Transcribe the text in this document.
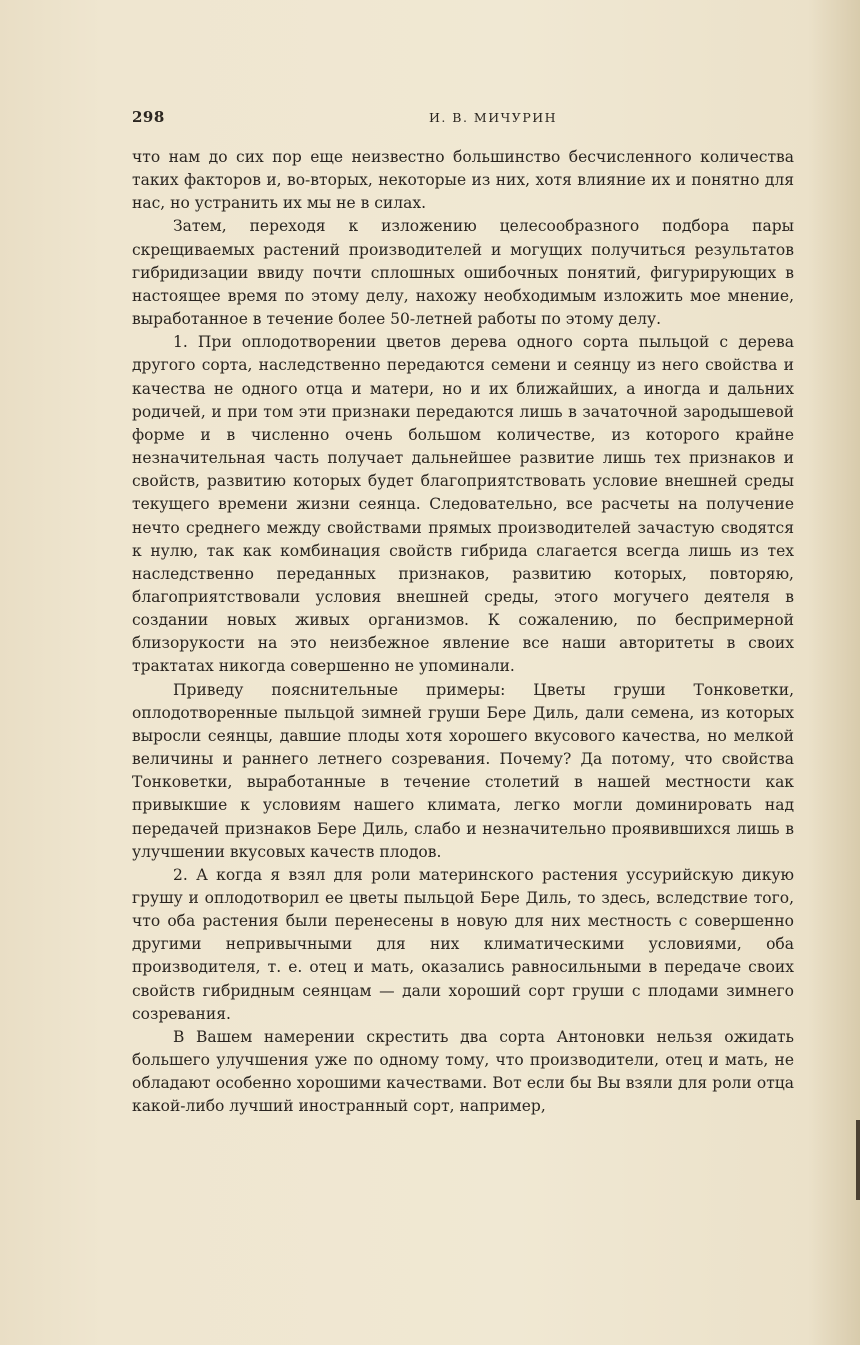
298	И. В. МИЧУРИН

что нам до сих пор еще неизвестно большинство бесчисленного количества таких факторов и, во-вторых, некоторые из них, хотя влияние их и понятно для нас, но устранить их мы не в силах.

Затем, переходя к изложению целесообразного подбора пары скрещиваемых растений производителей и могущих получиться результатов гибридизации ввиду почти сплошных ошибочных понятий, фигурирующих в настоящее время по этому делу, нахожу необходимым изложить мое мнение, выработанное в течение более 50-летней работы по этому делу.

1. При оплодотворении цветов дерева одного сорта пыльцой с дерева другого сорта, наследственно передаются семени и сеянцу из него свойства и качества не одного отца и матери, но и их ближайших, а иногда и дальних родичей, и при том эти признаки передаются лишь в зачаточной зародышевой форме и в численно очень большом количестве, из которого крайне незначительная часть получает дальнейшее развитие лишь тех признаков и свойств, развитию которых будет благоприятствовать условие внешней среды текущего времени жизни сеянца. Следовательно, все расчеты на получение нечто среднего между свойствами прямых производителей зачастую сводятся к нулю, так как комбинация свойств гибрида слагается всегда лишь из тех наследственно переданных признаков, развитию которых, повторяю, благоприятствовали условия внешней среды, этого могучего деятеля в создании новых живых организмов. К сожалению, по беспримерной близорукости на это неизбежное явление все наши авторитеты в своих трактатах никогда совершенно не упоминали.

Приведу пояснительные примеры: Цветы груши Тонковетки, оплодотворенные пыльцой зимней груши Бере Диль, дали семена, из которых выросли сеянцы, давшие плоды хотя хорошего вкусового качества, но мелкой величины и раннего летнего созревания. Почему? Да потому, что свойства Тонковетки, выработанные в течение столетий в нашей местности как привыкшие к условиям нашего климата, легко могли доминировать над передачей признаков Бере Диль, слабо и незначительно проявившихся лишь в улучшении вкусовых качеств плодов.

2. А когда я взял для роли материнского растения уссурийскую дикую грушу и оплодотворил ее цветы пыльцой Бере Диль, то здесь, вследствие того, что оба растения были перенесены в новую для них местность с совершенно другими непривычными для них климатическими условиями, оба производителя, т. е. отец и мать, оказались равносильными в передаче своих свойств гибридным сеянцам — дали хороший сорт груши с плодами зимнего созревания.

В Вашем намерении скрестить два сорта Антоновки нельзя ожидать большего улучшения уже по одному тому, что производители, отец и мать, не обладают особенно хорошими качествами. Вот если бы Вы взяли для роли отца какой-либо лучший иностранный сорт, например,
